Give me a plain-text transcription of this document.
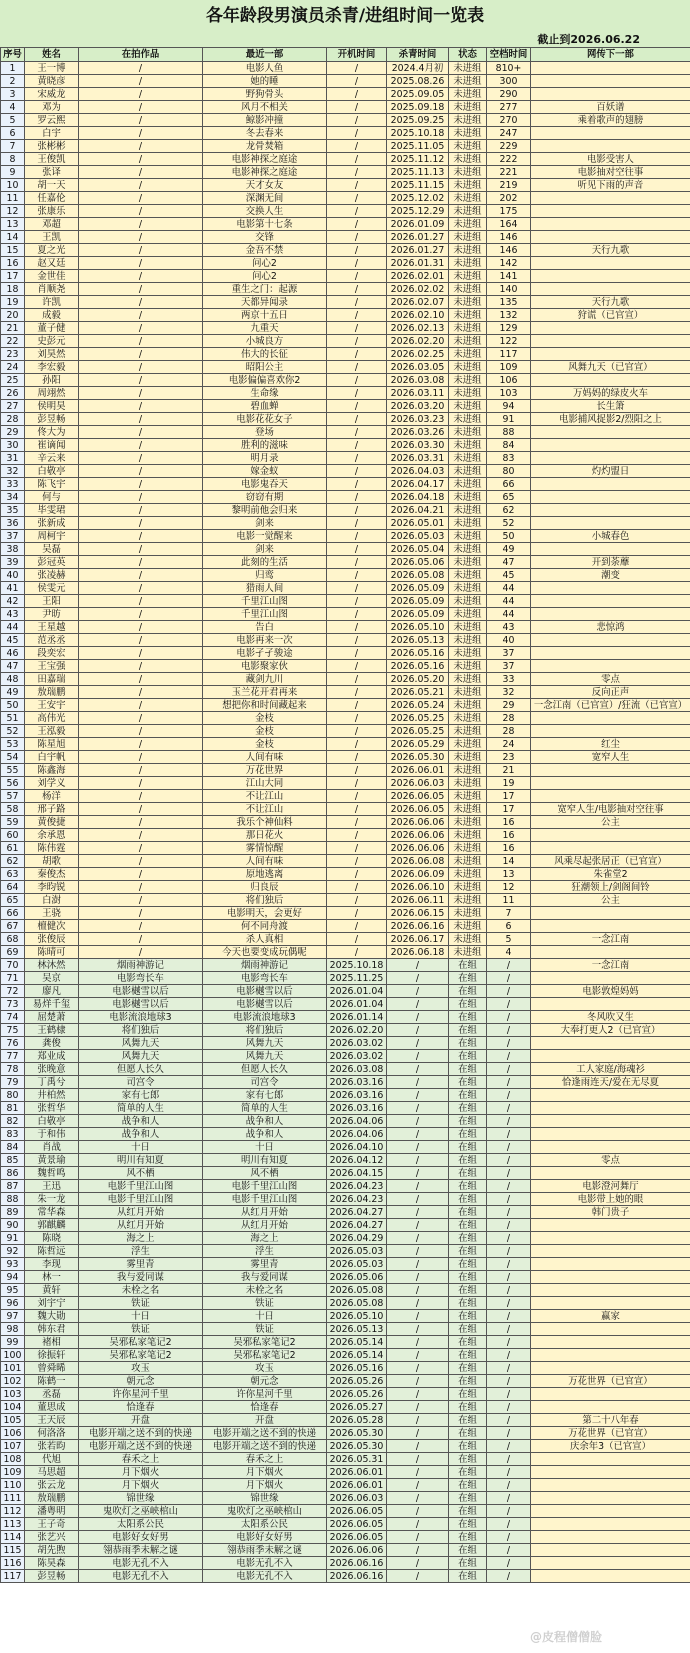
各年龄段男演员杀青/进组时间一览表
截止到2026.06.22
序号	姓名	在拍作品	最近一部	开机时间	杀青时间	状态	空档时间	网传下一部
1	王一博	/	电影人鱼	/	2024.4月初	未进组	810+	
2	黄晓彦	/	她的睡	/	2025.08.26	未进组	300	
3	宋威龙	/	野狗骨头	/	2025.09.05	未进组	290	
4	邓为	/	风月不相关	/	2025.09.18	未进组	277	百妖谱
5	罗云熙	/	鲸影冲撞	/	2025.09.25	未进组	270	乘着歌声的翅膀
6	白宇	/	冬去春来	/	2025.10.18	未进组	247	
7	张彬彬	/	龙骨焚箱	/	2025.11.05	未进组	229	
8	王俊凯	/	电影神探之庭途	/	2025.11.12	未进组	222	电影受害人
9	张译	/	电影神探之庭途	/	2025.11.13	未进组	221	电影抽对空往事
10	胡一天	/	天才女友	/	2025.11.15	未进组	219	听见下雨的声音
11	任嘉伦	/	深渊无间	/	2025.12.02	未进组	202	
12	张康乐	/	交换人生	/	2025.12.29	未进组	175	
13	邓超	/	电影第十七条	/	2026.01.09	未进组	164	
14	王凯	/	交锋	/	2026.01.27	未进组	146	
15	夏之光	/	金吾不禁	/	2026.01.27	未进组	146	天行九歌
16	赵又廷	/	问心2	/	2026.01.31	未进组	142	
17	金世佳	/	问心2	/	2026.02.01	未进组	141	
18	肖顺尧	/	重生之门：起源	/	2026.02.02	未进组	140	
19	许凯	/	天都异闻录	/	2026.02.07	未进组	135	天行九歌
20	成毅	/	两京十五日	/	2026.02.10	未进组	132	狩谎（已官宣）
21	董子健	/	九重天	/	2026.02.13	未进组	129	
22	史彭元	/	小城良方	/	2026.02.20	未进组	122	
23	刘昊然	/	伟大的长征	/	2026.02.25	未进组	117	
24	李宏毅	/	昭阳公主	/	2026.03.05	未进组	109	风舞九天（已官宣）
25	孙阳	/	电影偏偏喜欢你2	/	2026.03.08	未进组	106	
26	周翊然	/	生命缘	/	2026.03.11	未进组	103	万妈妈的绿皮火车
27	侯明昊	/	碧血蝉	/	2026.03.20	未进组	94	长生箫
28	彭昱畅	/	电影花花女子	/	2026.03.23	未进组	91	电影捕风捉影2/烈阳之上
29	佟大为	/	登场	/	2026.03.26	未进组	88	
30	崔谪闻	/	胜利的滋味	/	2026.03.30	未进组	84	
31	辛云来	/	明月录	/	2026.03.31	未进组	83	
32	白敬亭	/	嫁金蚁	/	2026.04.03	未进组	80	灼灼盟日
33	陈飞宇	/	电影鬼吞天	/	2026.04.17	未进组	66	
34	何与	/	窃窃有期	/	2026.04.18	未进组	65	
35	毕雯珺	/	黎明前他会归来	/	2026.04.21	未进组	62	
36	张新成	/	剑来	/	2026.05.01	未进组	52	
37	周柯宇	/	电影一觉醒来	/	2026.05.03	未进组	50	小城春色
38	吴磊	/	剑来	/	2026.05.04	未进组	49	
39	彭冠英	/	此刻的生活	/	2026.05.06	未进组	47	开到荼蘼
40	张凌赫	/	归鸾	/	2026.05.08	未进组	45	潮变
41	侯雯元	/	猎雨人间	/	2026.05.09	未进组	44	
42	王阳	/	千里江山图	/	2026.05.09	未进组	44	
43	尹昉	/	千里江山图	/	2026.05.09	未进组	44	
44	王星越	/	告白	/	2026.05.10	未进组	43	悲惊鸿
45	范丞丞	/	电影再来一次	/	2026.05.13	未进组	40	
46	段奕宏	/	电影孑孑骏途	/	2026.05.16	未进组	37	
47	王宝强	/	电影聚家伙	/	2026.05.16	未进组	37	
48	田嘉瑞	/	藏剑九川	/	2026.05.20	未进组	33	零点
49	敖瑞鹏	/	玉兰花开君再来	/	2026.05.21	未进组	32	反向正声
50	王安宇	/	想把你和时间藏起来	/	2026.05.24	未进组	29	一念江南（已官宣）/狂流（已官宣）
51	高伟光	/	金枝	/	2026.05.25	未进组	28	
52	王泓毅	/	金枝	/	2026.05.25	未进组	28	
53	陈星旭	/	金枝	/	2026.05.29	未进组	24	红尘
54	白宇帆	/	人间有味	/	2026.05.30	未进组	23	宽窄人生
55	陈鑫海	/	万花世界	/	2026.06.01	未进组	21	
56	刘学义	/	江山大同	/	2026.06.03	未进组	19	
57	杨洋	/	不让江山	/	2026.06.05	未进组	17	
58	邢子路	/	不让江山	/	2026.06.05	未进组	17	宽窄人生/电影抽对空往事
59	黄俊捷	/	我乐个神仙料	/	2026.06.06	未进组	16	公主
60	余承恩	/	那日花火	/	2026.06.06	未进组	16	
61	陈伟霆	/	雾情惊醒	/	2026.06.06	未进组	16	
62	胡歌	/	人间有味	/	2026.06.08	未进组	14	风乘尽起张居正（已官宣）
63	秦俊杰	/	原地逃离	/	2026.06.09	未进组	13	朱雀堂2
64	李昀锐	/	归良辰	/	2026.06.10	未进组	12	狂潮领上/剑阁间铃
65	白澍	/	将们独后	/	2026.06.11	未进组	11	公主
66	王骁	/	电影明天，会更好	/	2026.06.15	未进组	7	
67	檀健次	/	何不同舟渡	/	2026.06.16	未进组	6	
68	张俊辰	/	杀人真相	/	2026.06.17	未进组	5	一念江南
69	陈晴可	/	今天也要变成玩偶呢	/	2026.06.18	未进组	4	
70	林沐然	烟雨神游记	烟雨神游记	2025.10.18	/	在组	/	一念江南
71	吴京	电影弯长车	电影弯长车	2025.11.25	/	在组	/	
72	廖凡	电影樾雪以后	电影樾雪以后	2026.01.04	/	在组	/	电影敦煌妈妈
73	易烊千玺	电影樾雪以后	电影樾雪以后	2026.01.04	/	在组	/	
74	屈楚萧	电影流浪地球3	电影流浪地球3	2026.01.14	/	在组	/	冬风吹又生
75	王鹤棣	将们独后	将们独后	2026.02.20	/	在组	/	大奉打更人2（已官宣）
76	龚俊	风舞九天	风舞九天	2026.03.02	/	在组	/	
77	郑业成	风舞九天	风舞九天	2026.03.02	/	在组	/	
78	张晚意	但愿人长久	但愿人长久	2026.03.08	/	在组	/	工人家庭/海魂衫
79	丁禹兮	司宫令	司宫令	2026.03.16	/	在组	/	恰逢雨连天/爱在无尽夏
80	井柏然	家有七郎	家有七郎	2026.03.16	/	在组	/	
81	张哲华	简单的人生	简单的人生	2026.03.16	/	在组	/	
82	白敬亭	战争和人	战争和人	2026.04.06	/	在组	/	
83	于和伟	战争和人	战争和人	2026.04.06	/	在组	/	
84	肖战	十日	十日	2026.04.10	/	在组	/	
85	黄景瑜	明川有知夏	明川有知夏	2026.04.12	/	在组	/	零点
86	魏哲鸣	风不栖	风不栖	2026.04.15	/	在组	/	
87	王迅	电影千里江山图	电影千里江山图	2026.04.23	/	在组	/	电影澄河舞厅
88	朱一龙	电影千里江山图	电影千里江山图	2026.04.23	/	在组	/	电影带上她的眼
89	常华森	从红月开始	从红月开始	2026.04.27	/	在组	/	韩门贵子
90	郭麒麟	从红月开始	从红月开始	2026.04.27	/	在组	/	
91	陈晓	海之上	海之上	2026.04.29	/	在组	/	
92	陈哲远	浮生	浮生	2026.05.03	/	在组	/	
93	李现	雾里青	雾里青	2026.05.03	/	在组	/	
94	林一	我与爱同谋	我与爱同谋	2026.05.06	/	在组	/	
95	黄轩	未栓之名	未栓之名	2026.05.08	/	在组	/	
96	刘宇宁	铁证	铁证	2026.05.08	/	在组	/	
97	魏大勋	十日	十日	2026.05.10	/	在组	/	赢家
98	韩东君	铁证	铁证	2026.05.13	/	在组	/	
99	褚相	吴邪私家笔记2	吴邪私家笔记2	2026.05.14	/	在组	/	
100	徐振轩	吴邪私家笔记2	吴邪私家笔记2	2026.05.14	/	在组	/	
101	曾舜晞	攻玉	攻玉	2026.05.16	/	在组	/	
102	陈鹤一	朝元念	朝元念	2026.05.26	/	在组	/	万花世界（已官宣）
103	丞磊	许你星河千里	许你星河千里	2026.05.26	/	在组	/	
104	董思成	恰逢春	恰逢春	2026.05.27	/	在组	/	
105	王天辰	开盘	开盘	2026.05.28	/	在组	/	第二十八年春
106	何洛洛	电影开端之送不到的快递	电影开端之送不到的快递	2026.05.30	/	在组	/	万花世界（已官宣）
107	张若昀	电影开端之送不到的快递	电影开端之送不到的快递	2026.05.30	/	在组	/	庆余年3（已官宣）
108	代旭	春禾之上	春禾之上	2026.05.31	/	在组	/	
109	马思超	月下烟火	月下烟火	2026.06.01	/	在组	/	
110	张云龙	月下烟火	月下烟火	2026.06.01	/	在组	/	
111	敖瑞鹏	锦世缘	锦世缘	2026.06.03	/	在组	/	
112	潘粤明	鬼吹灯之巫峡棺山	鬼吹灯之巫峡棺山	2026.06.05	/	在组	/	
113	王子奇	太阳系公民	太阳系公民	2026.06.05	/	在组	/	
114	张艺兴	电影好女好男	电影好女好男	2026.06.05	/	在组	/	
115	胡先煦	翎恭雨季未解之谜	翎恭雨季未解之谜	2026.06.06	/	在组	/	
116	陈昊森	电影无孔不入	电影无孔不入	2026.06.16	/	在组	/	
117	彭昱畅	电影无孔不入	电影无孔不入	2026.06.16	/	在组	/	
@皮程僧僧脸
